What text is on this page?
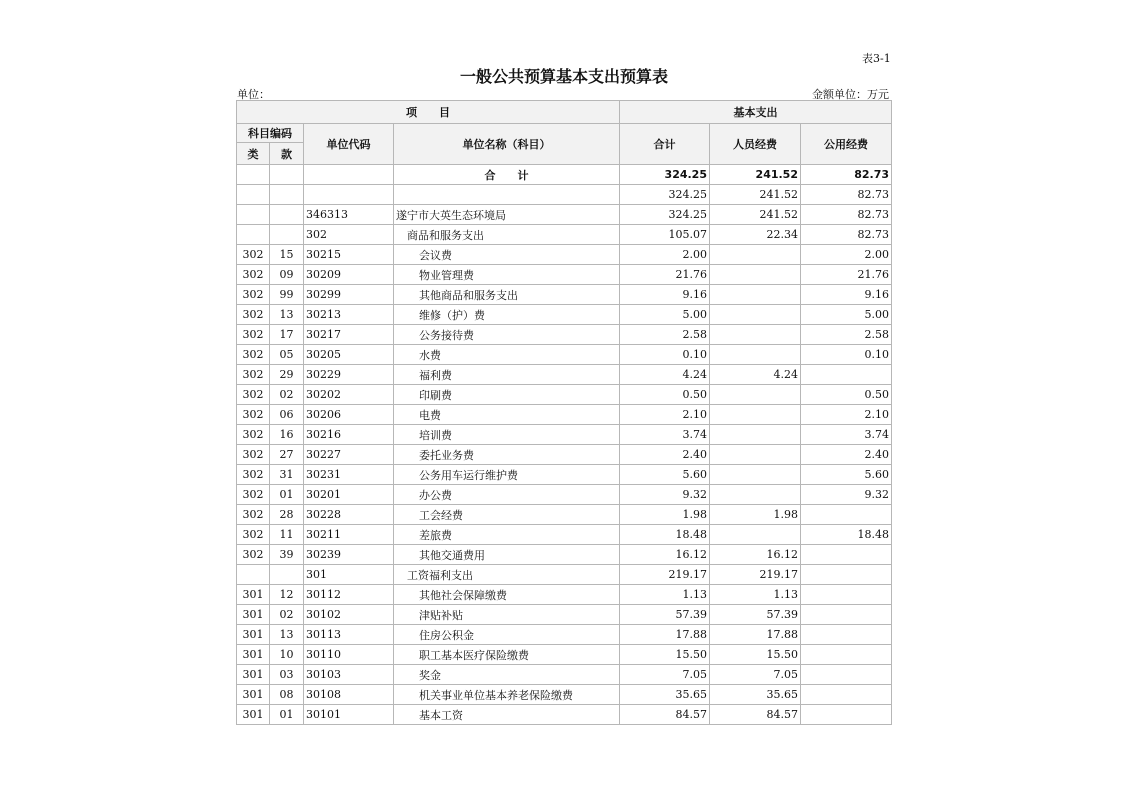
表3-1
一般公共预算基本支出预算表
单位：	金额单位：万元
项　　目				基本支出		
科目编码		单位代码	单位名称（科目）	合计	人员经费	公用经费
类	款					
			合　　计	324.25	241.52	82.73
				324.25	241.52	82.73
		346313	遂宁市大英生态环境局	324.25	241.52	82.73
		302	商品和服务支出	105.07	22.34	82.73
302	15	30215	会议费	2.00		2.00
302	09	30209	物业管理费	21.76		21.76
302	99	30299	其他商品和服务支出	9.16		9.16
302	13	30213	维修（护）费	5.00		5.00
302	17	30217	公务接待费	2.58		2.58
302	05	30205	水费	0.10		0.10
302	29	30229	福利费	4.24	4.24	
302	02	30202	印刷费	0.50		0.50
302	06	30206	电费	2.10		2.10
302	16	30216	培训费	3.74		3.74
302	27	30227	委托业务费	2.40		2.40
302	31	30231	公务用车运行维护费	5.60		5.60
302	01	30201	办公费	9.32		9.32
302	28	30228	工会经费	1.98	1.98	
302	11	30211	差旅费	18.48		18.48
302	39	30239	其他交通费用	16.12	16.12	
		301	工资福利支出	219.17	219.17	
301	12	30112	其他社会保障缴费	1.13	1.13	
301	02	30102	津贴补贴	57.39	57.39	
301	13	30113	住房公积金	17.88	17.88	
301	10	30110	职工基本医疗保险缴费	15.50	15.50	
301	03	30103	奖金	7.05	7.05	
301	08	30108	机关事业单位基本养老保险缴费	35.65	35.65	
301	01	30101	基本工资	84.57	84.57	
